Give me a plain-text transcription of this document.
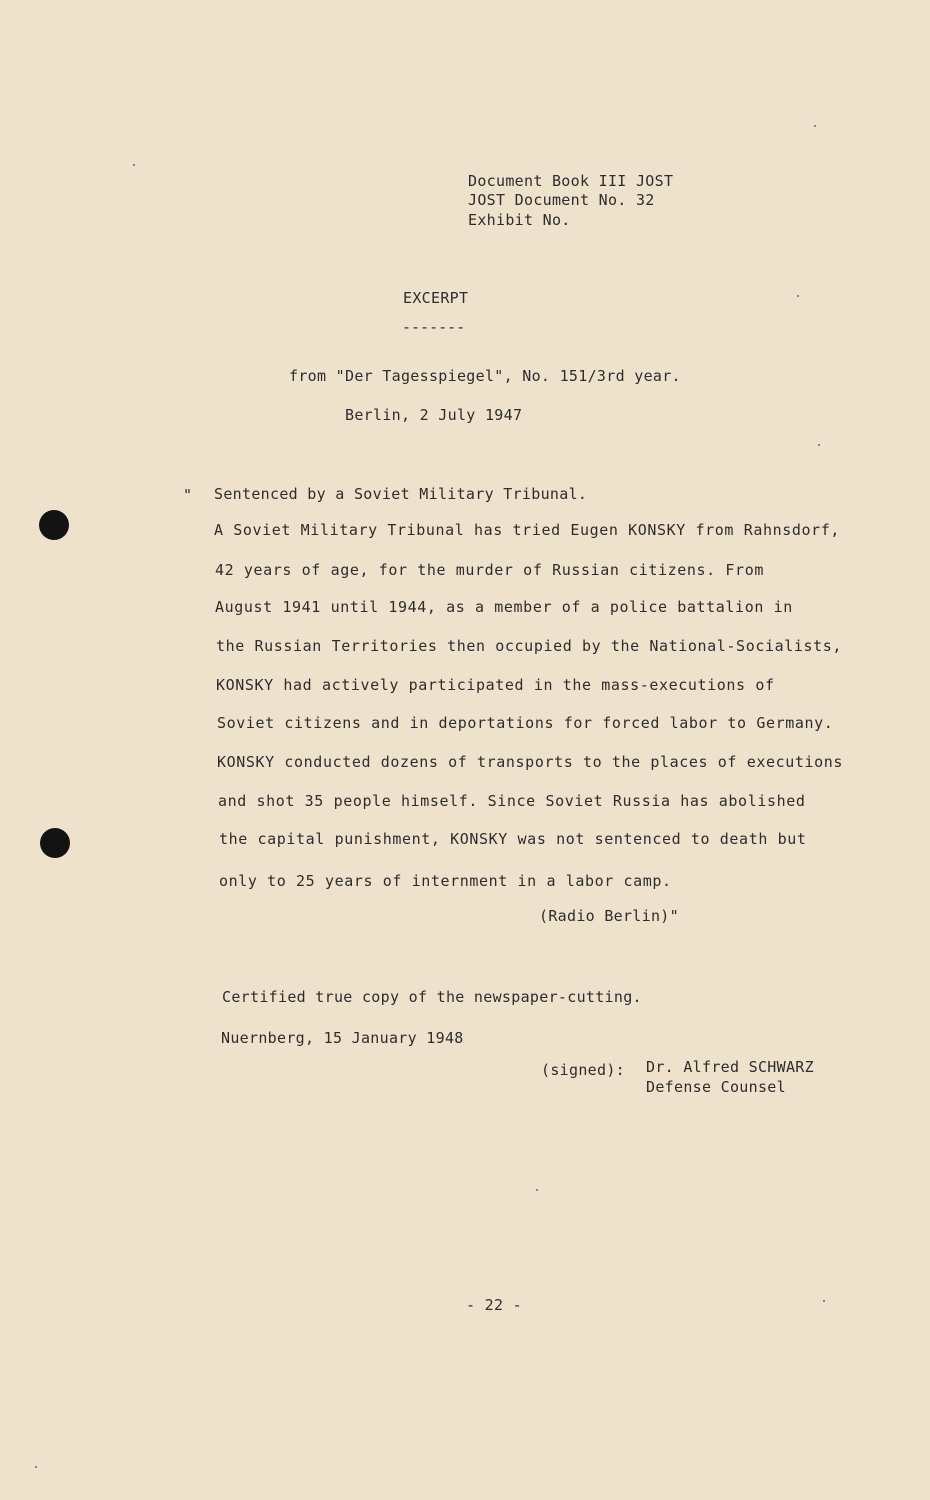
Document Book III JOST
JOST Document No. 32
Exhibit No.
EXCERPT
-------
from "Der Tagesspiegel", No. 151/3rd year.
Berlin, 2 July 1947
" Sentenced by a Soviet Military Tribunal.
A Soviet Military Tribunal has tried Eugen KONSKY from Rahnsdorf,
42 years of age, for the murder of Russian citizens. From
August 1941 until 1944, as a member of a police battalion in
the Russian Territories then occupied by the National-Socialists,
KONSKY had actively participated in the mass-executions of
Soviet citizens and in deportations for forced labor to Germany.
KONSKY conducted dozens of transports to the places of executions
and shot 35 people himself. Since Soviet Russia has abolished
the capital punishment, KONSKY was not sentenced to death but
only to 25 years of internment in a labor camp.
(Radio Berlin)"
Certified true copy of the newspaper-cutting.
Nuernberg, 15 January 1948
(signed): Dr. Alfred SCHWARZ
Defense Counsel
- 22 -
